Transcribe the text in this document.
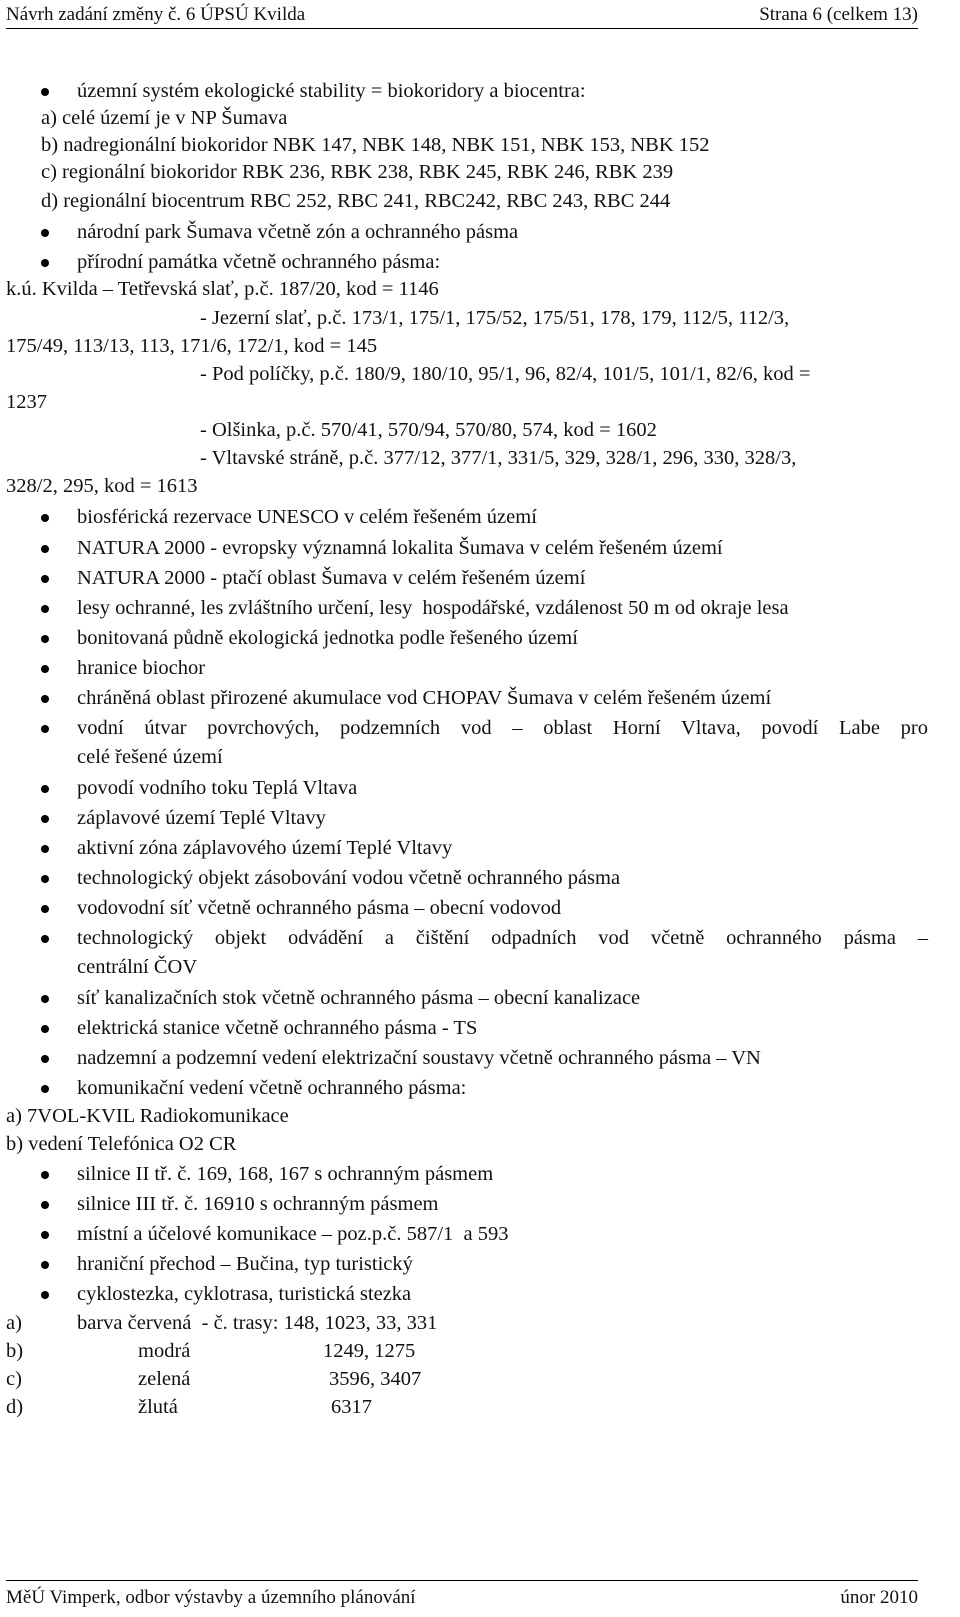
Návrh zadání změny č. 6 ÚPSÚ Kvilda	Strana 6 (celkem 13)
územní systém ekologické stability = biokoridory a biocentra:
a) celé území je v NP Šumava
b) nadregionální biokoridor NBK 147, NBK 148, NBK 151, NBK 153, NBK 152
c) regionální biokoridor RBK 236, RBK 238, RBK 245, RBK 246, RBK 239
d) regionální biocentrum RBC 252, RBC 241, RBC242, RBC 243, RBC 244
národní park Šumava včetně zón a ochranného pásma
přírodní památka včetně ochranného pásma:
k.ú. Kvilda – Tetřevská slať, p.č. 187/20, kod = 1146
- Jezerní slať, p.č. 173/1, 175/1, 175/52, 175/51, 178, 179, 112/5, 112/3,
175/49, 113/13, 113, 171/6, 172/1, kod = 145
- Pod políčky, p.č. 180/9, 180/10, 95/1, 96, 82/4, 101/5, 101/1, 82/6, kod =
1237
- Olšinka, p.č. 570/41, 570/94, 570/80, 574, kod = 1602
- Vltavské stráně, p.č. 377/12, 377/1, 331/5, 329, 328/1, 296, 330, 328/3,
328/2, 295, kod = 1613
biosférická rezervace UNESCO v celém řešeném území
NATURA 2000 - evropsky významná lokalita Šumava v celém řešeném území
NATURA 2000 - ptačí oblast Šumava v celém řešeném území
lesy ochranné, les zvláštního určení, lesy  hospodářské, vzdálenost 50 m od okraje lesa
bonitovaná půdně ekologická jednotka podle řešeného území
hranice biochor
chráněná oblast přirozené akumulace vod CHOPAV Šumava v celém řešeném území
vodní útvar povrchových, podzemních vod – oblast Horní Vltava, povodí Labe pro
celé řešené území
povodí vodního toku Teplá Vltava
záplavové území Teplé Vltavy
aktivní zóna záplavového území Teplé Vltavy
technologický objekt zásobování vodou včetně ochranného pásma
vodovodní síť včetně ochranného pásma – obecní vodovod
technologický objekt odvádění a čištění odpadních vod včetně ochranného pásma –
centrální ČOV
síť kanalizačních stok včetně ochranného pásma – obecní kanalizace
elektrická stanice včetně ochranného pásma - TS
nadzemní a podzemní vedení elektrizační soustavy včetně ochranného pásma – VN
komunikační vedení včetně ochranného pásma:
a) 7VOL-KVIL Radiokomunikace
b) vedení Telefónica O2 CR
silnice II tř. č. 169, 168, 167 s ochranným pásmem
silnice III tř. č. 16910 s ochranným pásmem
místní a účelové komunikace – poz.p.č. 587/1  a 593
hraniční přechod – Bučina, typ turistický
cyklostezka, cyklotrasa, turistická stezka
a)	barva červená  - č. trasy: 148, 1023, 33, 331
b)	modrá	1249, 1275
c)	zelená	3596, 3407
d)	žlutá	6317
MěÚ Vimperk, odbor výstavby a územního plánování	únor 2010
